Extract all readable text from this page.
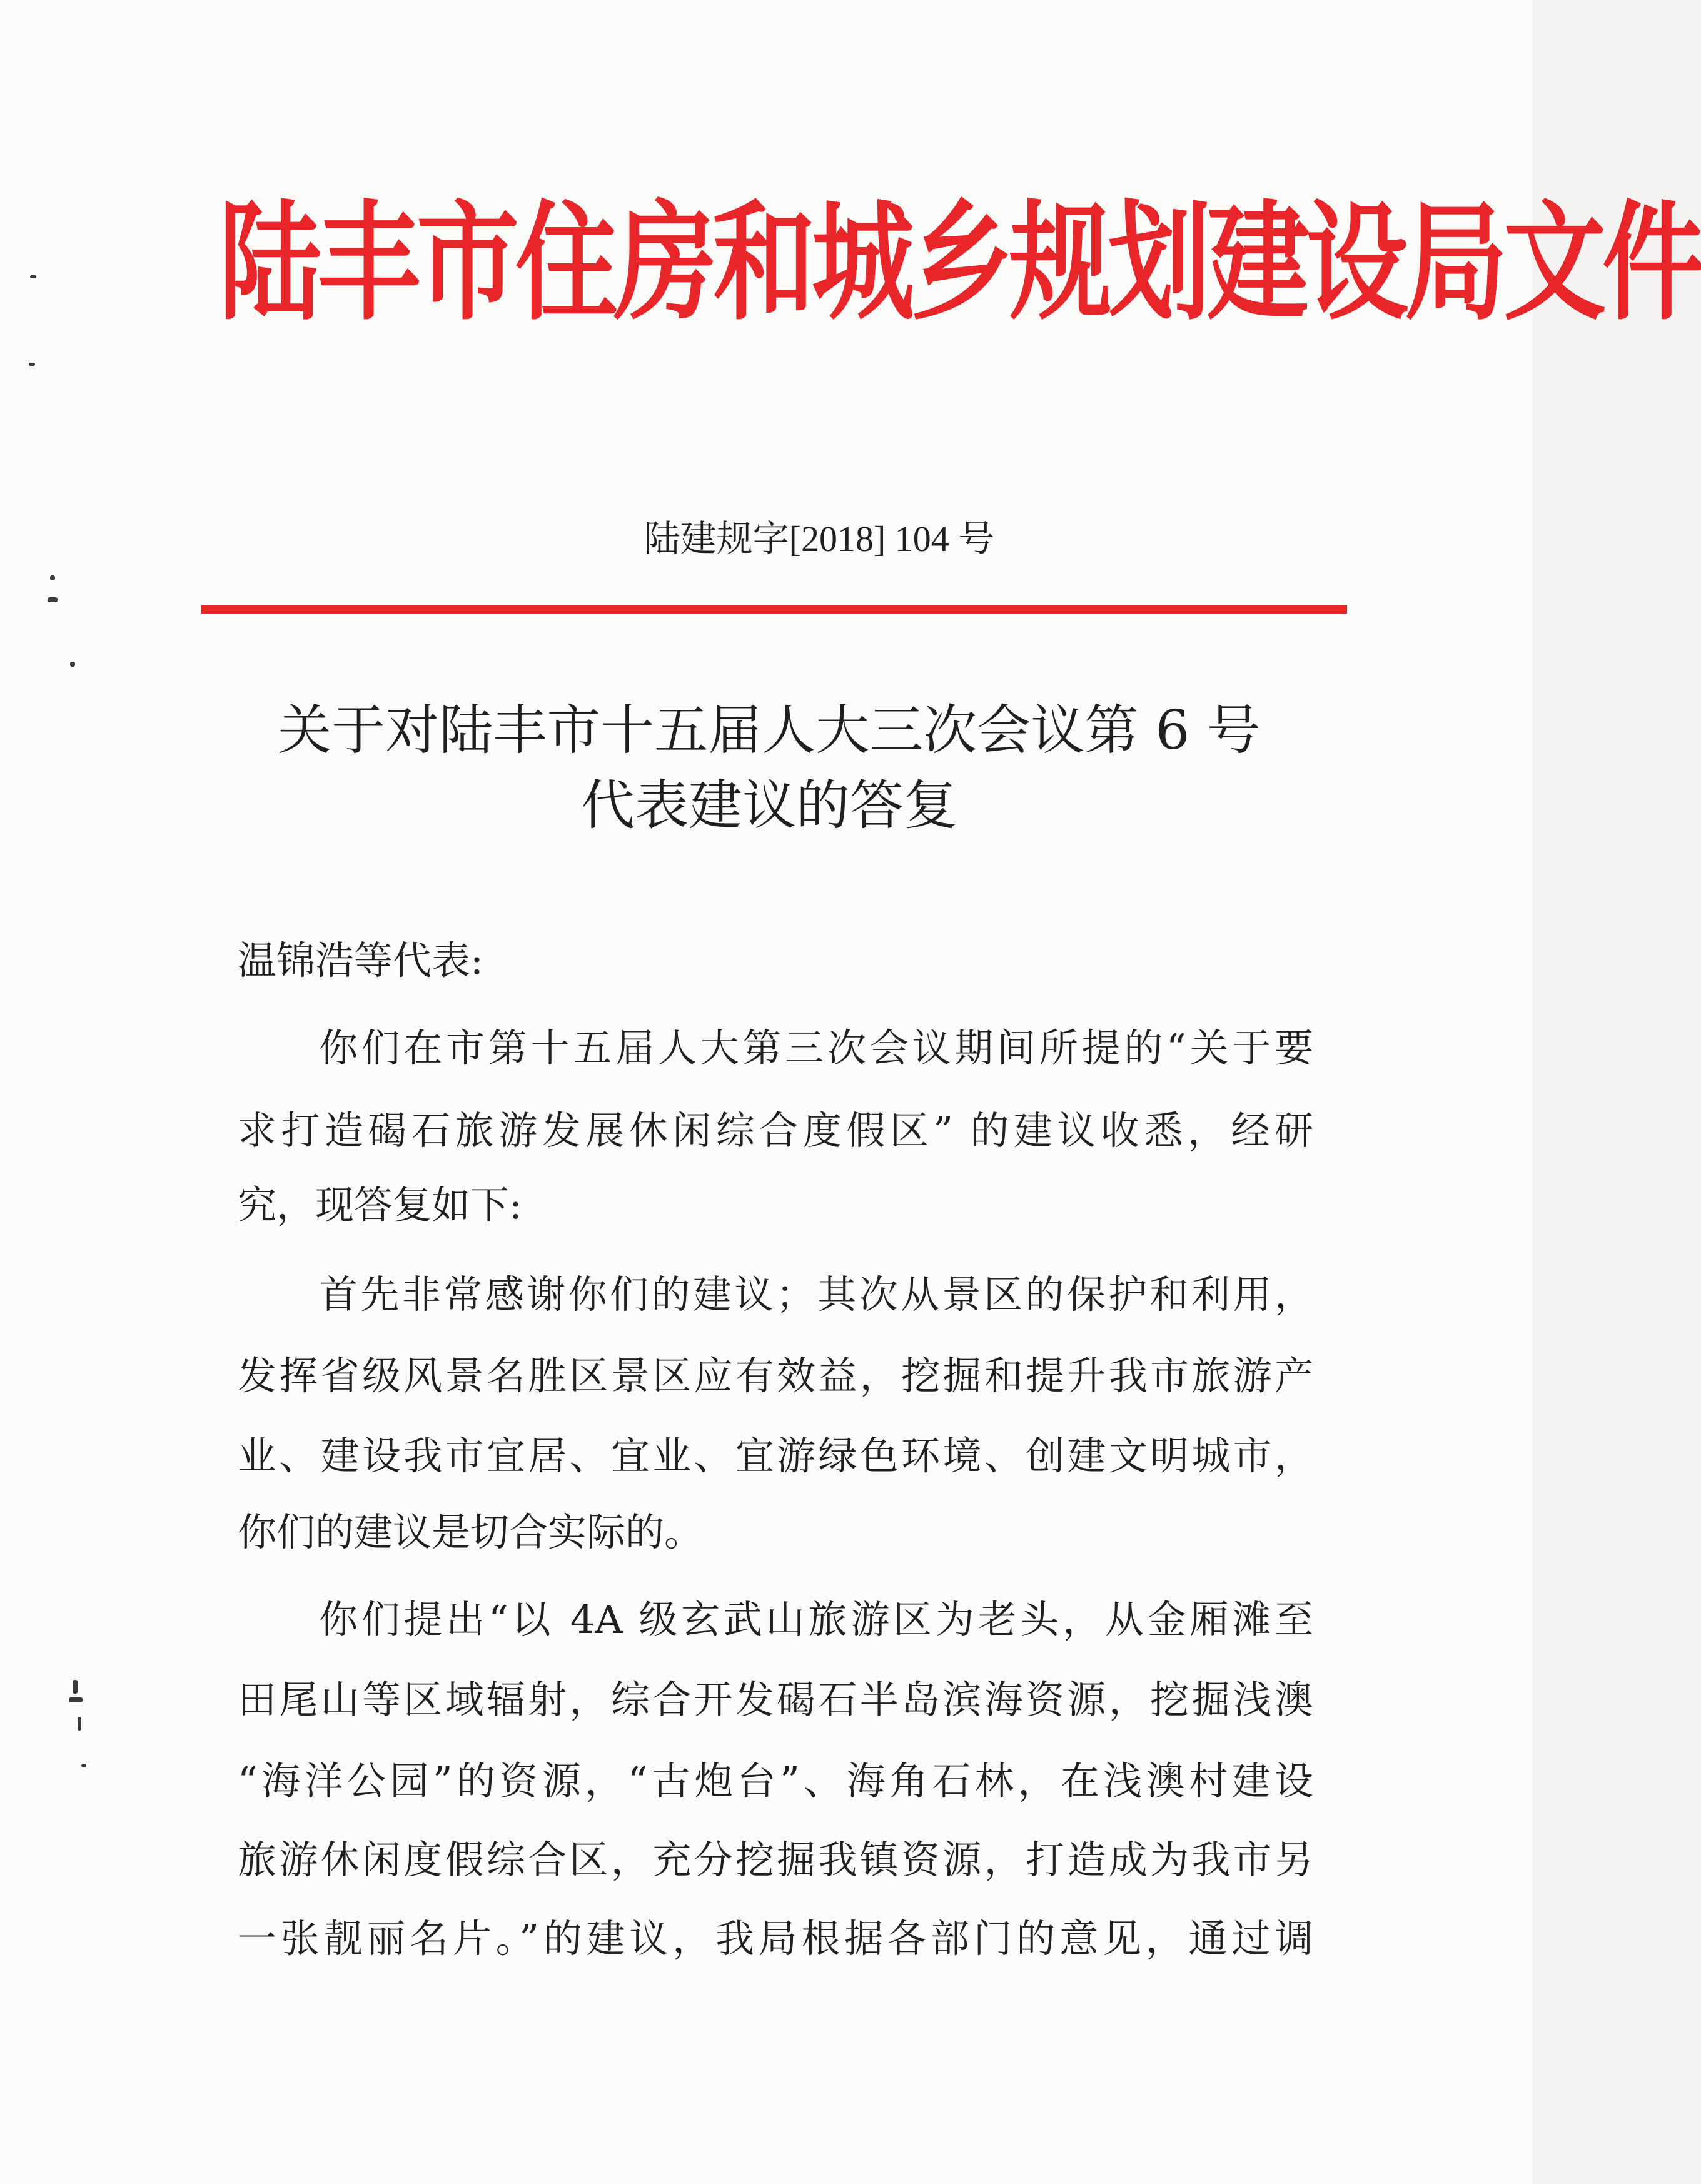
陆丰市住房和城乡规划建设局文件
陆建规字[2018] 104 号
关于对陆丰市十五届人大三次会议第 6 号
代表建议的答复
温锦浩等代表:
你们在市第十五届人大第三次会议期间所提的“关于要
求打造碣石旅游发展休闲综合度假区” 的建议收悉，经研
究，现答复如下:
首先非常感谢你们的建议；其次从景区的保护和利用，
发挥省级风景名胜区景区应有效益，挖掘和提升我市旅游产
业、建设我市宜居、宜业、宜游绿色环境、创建文明城市，
你们的建议是切合实际的。
你们提出“以 4A 级玄武山旅游区为老头，从金厢滩至
田尾山等区域辐射，综合开发碣石半岛滨海资源，挖掘浅澳
“海洋公园”的资源，“古炮台”、海角石林，在浅澳村建设
旅游休闲度假综合区，充分挖掘我镇资源，打造成为我市另
一张靓丽名片。”的建议，我局根据各部门的意见，通过调
